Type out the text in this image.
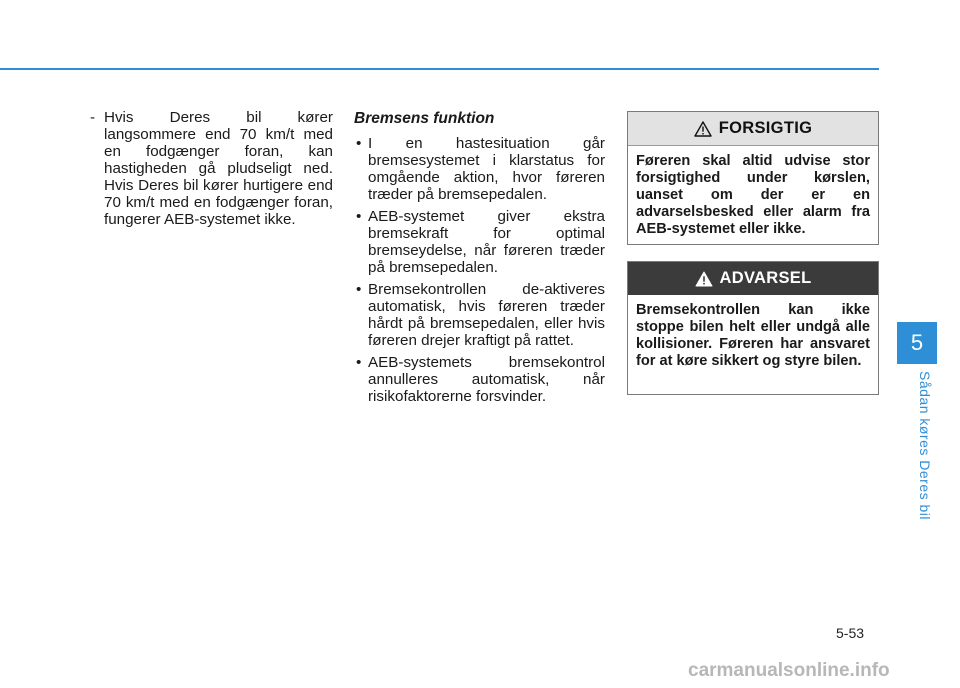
- Hvis Deres bil kører langsommere end 70 km/t med en fodgænger foran, kan hastigheden gå pludseligt ned. Hvis Deres bil kører hurtigere end 70 km/t med en fodgænger foran, fungerer AEB-systemet ikke.
Bremsens funktion
• I en hastesituation går bremsesystemet i klarstatus for omgående aktion, hvor føreren træder på bremsepedalen.
• AEB-systemet giver ekstra bremsekraft for optimal bremseydelse, når føreren træder på bremsepedalen.
• Bremsekontrollen de-aktiveres automatisk, hvis føreren træder hårdt på bremsepedalen, eller hvis føreren drejer kraftigt på rattet.
• AEB-systemets bremsekontrol annulleres automatisk, når risikofaktorerne forsvinder.
FORSIGTIG
Føreren skal altid udvise stor forsigtighed under kørslen, uanset om der er en advarselsbesked eller alarm fra AEB-systemet eller ikke.
ADVARSEL
Bremsekontrollen kan ikke stoppe bilen helt eller undgå alle kollisioner. Føreren har ansvaret for at køre sikkert og styre bilen.
5
Sådan køres Deres bil
5-53
carmanualsonline.info
